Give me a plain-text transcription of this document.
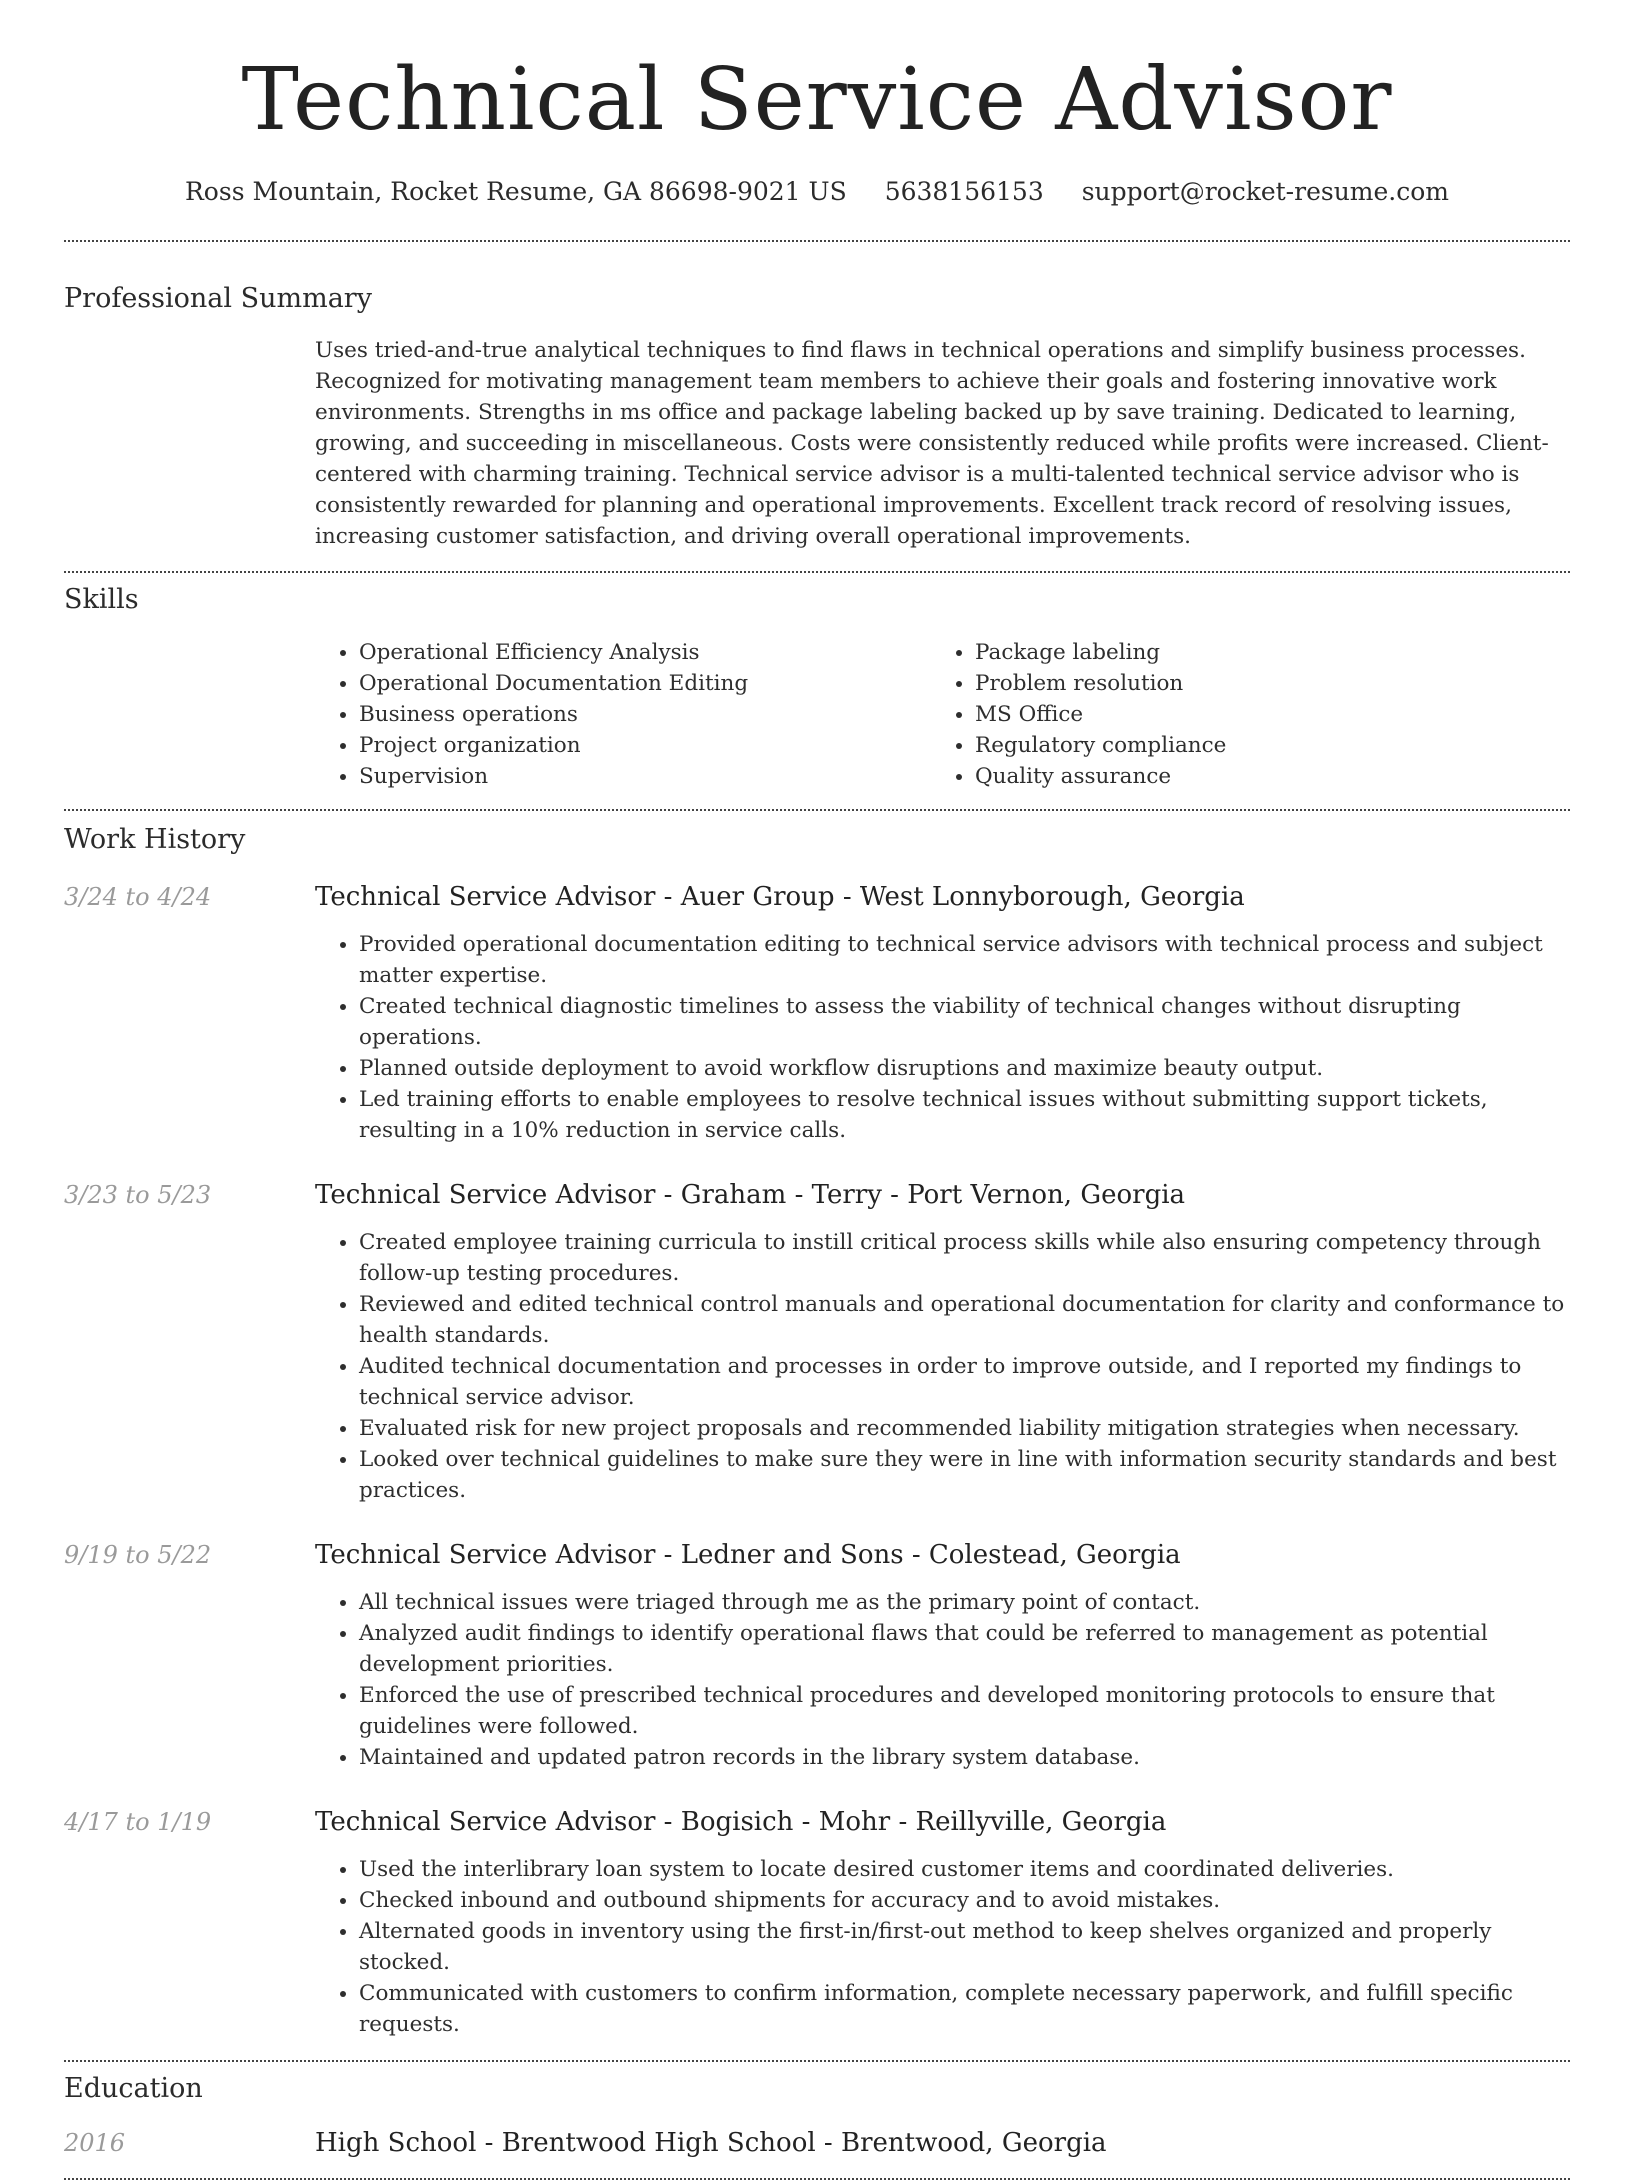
Technical Service Advisor
Ross Mountain, Rocket Resume, GA 86698-9021 US 5638156153 support@rocket-resume.com
Professional Summary

Uses tried-and-true analytical techniques to find flaws in technical operations and simplify business processes. Recognized for motivating management team members to achieve their goals and fostering innovative work environments. Strengths in ms office and package labeling backed up by save training. Dedicated to learning, growing, and succeeding in miscellaneous. Costs were consistently reduced while profits were increased. Client-centered with charming training. Technical service advisor is a multi-talented technical service advisor who is consistently rewarded for planning and operational improvements. Excellent track record of resolving issues, increasing customer satisfaction, and driving overall operational improvements.

Skills
• Operational Efficiency Analysis
• Operational Documentation Editing
• Business operations
• Project organization
• Supervision
• Package labeling
• Problem resolution
• MS Office
• Regulatory compliance
• Quality assurance
Work History
3/24 to 4/24	Technical Service Advisor - Auer Group - West Lonnyborough, Georgia
• Provided operational documentation editing to technical service advisors with technical process and subject matter expertise.
• Created technical diagnostic timelines to assess the viability of technical changes without disrupting operations.
• Planned outside deployment to avoid workflow disruptions and maximize beauty output.
• Led training efforts to enable employees to resolve technical issues without submitting support tickets, resulting in a 10% reduction in service calls.
3/23 to 5/23	Technical Service Advisor - Graham - Terry - Port Vernon, Georgia
• Created employee training curricula to instill critical process skills while also ensuring competency through follow-up testing procedures.
• Reviewed and edited technical control manuals and operational documentation for clarity and conformance to health standards.
• Audited technical documentation and processes in order to improve outside, and I reported my findings to technical service advisor.
• Evaluated risk for new project proposals and recommended liability mitigation strategies when necessary.
• Looked over technical guidelines to make sure they were in line with information security standards and best practices.
9/19 to 5/22	Technical Service Advisor - Ledner and Sons - Colestead, Georgia
• All technical issues were triaged through me as the primary point of contact.
• Analyzed audit findings to identify operational flaws that could be referred to management as potential development priorities.
• Enforced the use of prescribed technical procedures and developed monitoring protocols to ensure that guidelines were followed.
• Maintained and updated patron records in the library system database.
4/17 to 1/19	Technical Service Advisor - Bogisich - Mohr - Reillyville, Georgia
• Used the interlibrary loan system to locate desired customer items and coordinated deliveries.
• Checked inbound and outbound shipments for accuracy and to avoid mistakes.
• Alternated goods in inventory using the first-in/first-out method to keep shelves organized and properly stocked.
• Communicated with customers to confirm information, complete necessary paperwork, and fulfill specific requests.
Education
2016	High School - Brentwood High School - Brentwood, Georgia
